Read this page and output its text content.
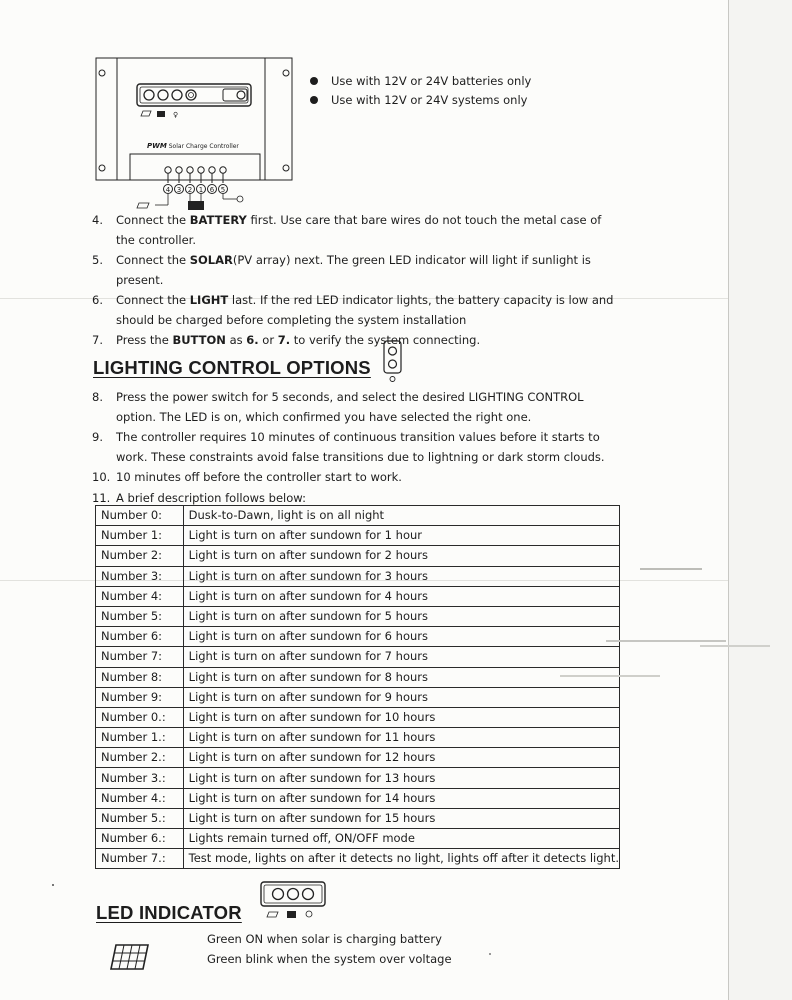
♀
PWM Solar Charge Controller
4 3 2 1 6 5
Use with 12V or 24V batteries only
Use with 12V or 24V systems only
4. Connect the BATTERY first. Use care that bare wires do not touch the metal case of the controller.
5. Connect the SOLAR(PV array) next. The green LED indicator will light if sunlight is present.
6. Connect the LIGHT last. If the red LED indicator lights, the battery capacity is low and should be charged before completing the system installation
7. Press the BUTTON as 6. or 7. to verify the system connecting.
LIGHTING CONTROL OPTIONS
8. Press the power switch for 5 seconds, and select the desired LIGHTING CONTROL option. The LED is on, which confirmed you have selected the right one.
9. The controller requires 10 minutes of continuous transition values before it starts to work. These constraints avoid false transitions due to lightning or dark storm clouds.
10. 10 minutes off before the controller start to work.
11. A brief description follows below:
Number 0:	Dusk-to-Dawn, light is on all night
Number 1:	Light is turn on after sundown for 1 hour
Number 2:	Light is turn on after sundown for 2 hours
Number 3:	Light is turn on after sundown for 3 hours
Number 4:	Light is turn on after sundown for 4 hours
Number 5:	Light is turn on after sundown for 5 hours
Number 6:	Light is turn on after sundown for 6 hours
Number 7:	Light is turn on after sundown for 7 hours
Number 8:	Light is turn on after sundown for 8 hours
Number 9:	Light is turn on after sundown for 9 hours
Number 0.:	Light is turn on after sundown for 10 hours
Number 1.:	Light is turn on after sundown for 11 hours
Number 2.:	Light is turn on after sundown for 12 hours
Number 3.:	Light is turn on after sundown for 13 hours
Number 4.:	Light is turn on after sundown for 14 hours
Number 5.:	Light is turn on after sundown for 15 hours
Number 6.:	Lights remain turned off, ON/OFF mode
Number 7.:	Test mode, lights on after it detects no light, lights off after it detects light.
LED INDICATOR
Green ON when solar is charging battery
Green blink when the system over voltage
